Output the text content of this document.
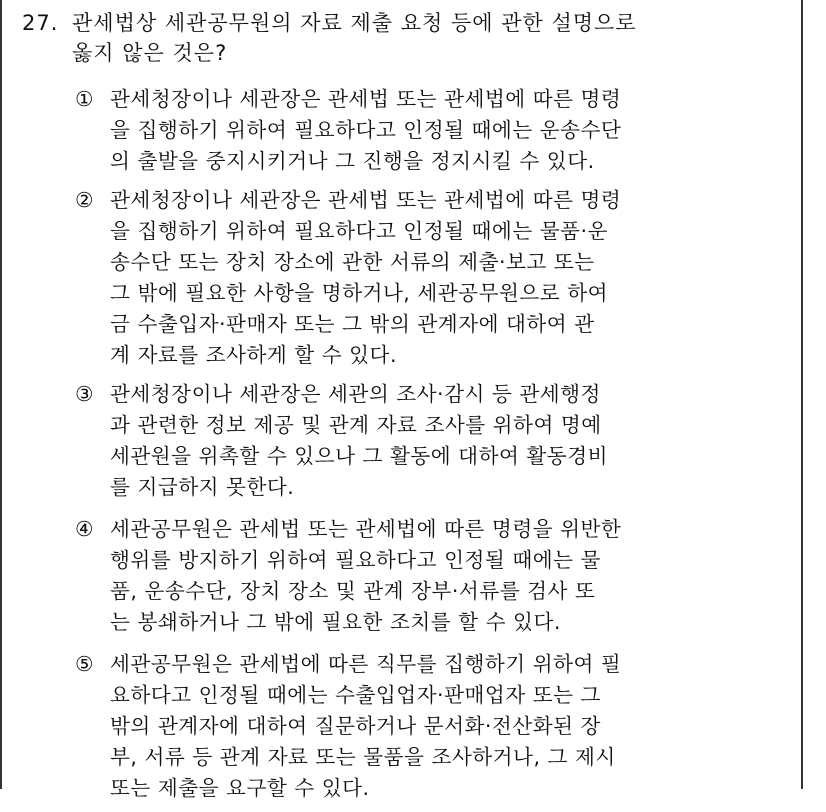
27. 관세법상 세관공무원의 자료 제출 요청 등에 관한 설명으로
옳지 않은 것은?
① 관세청장이나 세관장은 관세법 또는 관세법에 따른 명령
을 집행하기 위하여 필요하다고 인정될 때에는 운송수단
의 출발을 중지시키거나 그 진행을 정지시킬 수 있다.
② 관세청장이나 세관장은 관세법 또는 관세법에 따른 명령
을 집행하기 위하여 필요하다고 인정될 때에는 물품·운
송수단 또는 장치 장소에 관한 서류의 제출·보고 또는
그 밖에 필요한 사항을 명하거나, 세관공무원으로 하여
금 수출입자·판매자 또는 그 밖의 관계자에 대하여 관
계 자료를 조사하게 할 수 있다.
③ 관세청장이나 세관장은 세관의 조사·감시 등 관세행정
과 관련한 정보 제공 및 관계 자료 조사를 위하여 명예
세관원을 위촉할 수 있으나 그 활동에 대하여 활동경비
를 지급하지 못한다.
④ 세관공무원은 관세법 또는 관세법에 따른 명령을 위반한
행위를 방지하기 위하여 필요하다고 인정될 때에는 물
품, 운송수단, 장치 장소 및 관계 장부·서류를 검사 또
는 봉쇄하거나 그 밖에 필요한 조치를 할 수 있다.
⑤ 세관공무원은 관세법에 따른 직무를 집행하기 위하여 필
요하다고 인정될 때에는 수출입업자·판매업자 또는 그
밖의 관계자에 대하여 질문하거나 문서화·전산화된 장
부, 서류 등 관계 자료 또는 물품을 조사하거나, 그 제시
또는 제출을 요구할 수 있다.
